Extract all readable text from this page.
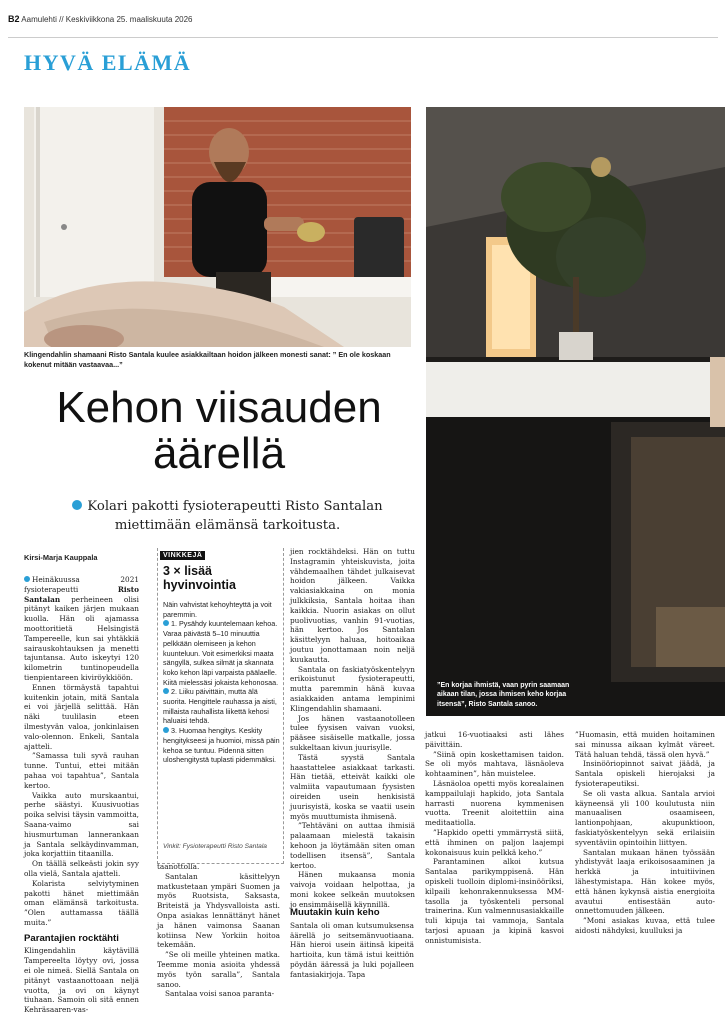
B2 Aamulehti // Keskiviikkona 25. maaliskuuta 2026
HYVÄ ELÄMÄ
Klingendahlin shamaani Risto Santala kuulee asiakkailtaan hoidon jälkeen monesti sanat: ” En ole koskaan kokenut mitään vastaavaa...”
”En korjaa ihmistä, vaan pyrin saamaan aikaan tilan, jossa ihmisen keho korjaa itsensä”, Risto Santala sanoo.
Kehon viisauden äärellä
Kolari pakotti fysioterapeutti Risto Santalan miettimään elämänsä tarkoitusta.
Kirsi-Marja Kauppala

Heinäkuussa 2021 fysioterapeutti Risto Santalan perheineen olisi pitänyt kaiken järjen mukaan kuolla. Hän oli ajamassa moottoritietä Helsingistä Tampereelle, kun sai yhtäkkiä sairauskohtauksen ja menetti tajuntansa. Auto iskeytyi 120 kilometrin tuntinopeudella tienpientareen kiviröykkiöön.

Ennen törmäystä tapahtui kuitenkin jotain, mitä Santala ei voi järjellä selittää. Hän näki tuulilasin eteen ilmestyvän valoa, jonkinlaisen valo-olennon. Enkeli, Santala ajatteli.

”Samassa tuli syvä rauhan tunne. Tuntui, ettei mitään pahaa voi tapahtua”, Santala kertoo.

Vaikka auto murskaantui, perhe säästyi. Kuusivuotias poika selvisi täysin vammoitta, Saana-vaimo sai hiusmurtuman lannerankaan ja Santala selkäydinvamman, joka korjattiin titaanilla.

On täällä selkeästi jokin syy olla vielä, Santala ajatteli.

Kolarista selviytyminen pakotti hänet miettimään oman elämänsä tarkoitusta. ”Olen auttamassa täällä muita.”

Parantajien rocktähti

Klingendahlin käytävillä Tampereelta löytyy ovi, jossa ei ole nimeä. Siellä Santala on pitänyt vastaanottoaan neljä vuotta, ja ovi on käynyt tiuhaan. Samoin oli sitä ennen Kehräsaaren-vas-

VINKKEJÄ
3 × lisää hyvinvointia

Näin vahvistat kehoyhteyttä ja voit paremmin.

1. Pysähdy kuuntelemaan kehoa. Varaa päivästä 5–10 minuuttia pelkkään olemiseen ja kehon kuunteluun. Voit esimerkiksi maata sängyllä, sulkea silmät ja skannata koko kehon läpi varpaista päälaelle. Kiitä mielessäsi jokaista kehonosaa.

2. Liiku päivittäin, mutta älä suorita. Hengittele rauhassa ja aisti, millaista rauhallista liikettä kehosi haluaisi tehdä.

3. Huomaa hengitys. Keskity hengitykseesi ja huomioi, missä päin kehoa se tuntuu. Pidennä sitten uloshengitystä tuplasti pidemmäksi.

Vinkit: Fysioterapeutti Risto Santala

taanottolla.

Santalan käsittelyyn matkustetaan ympäri Suomen ja myös Ruotsista, Saksasta, Briteistä ja Yhdysvalloista asti. Onpa asiakas lennättänyt hänet ja hänen vaimonsa Saanan kotiinsa New Yorkiin hoitoa tekemään.

”Se oli meille yhteinen matka. Teemme monia asioita yhdessä myös työn saralla”, Santala sanoo.

Santalaa voisi sanoa paranta-

jien rocktähdeksi. Hän on tuttu Instagramin yhteiskuvista, joita vähdemaalhen tähdet julkaisevat hoidon jälkeen. Vaikka vakiasiakkaina on monia julkkiksia, Santala hoitaa ihan kaikkia. Nuorin asiakas on ollut puolivuotias, vanhin 91-vuotias, hän kertoo. Jos Santalan käsittelyyn haluaa, hoitoaikaa joutuu jonottamaan noin neljä kuukautta.

Santala on faskiatyöskentelyyn erikoistunut fysioterapeutti, mutta paremmin hänä kuvaa asiakkaiden antama lempinimi Klingendahlin shamaani.

Jos hänen vastaanotolleen tulee fyysisen vaivan vuoksi, pääsee sisäiselle matkalle, jossa sukkeltaan kivun juurisylle.

Tästä syystä Santala haastattelee asiakkaat tarkasti. Hän tietää, etteivät kaikki ole valmiita vapautumaan fyysisten oireiden usein henkisistä juurisyistä, koska se vaatii usein myös muuttumista ihmisenä.

”Tehtäväni on auttaa ihmisiä palaamaan mielestä takaisin kehoon ja löytämään siten oman todellisen itsensä”, Santala kertoo.

Hänen mukaansa monia vaivoja voidaan helpottaa, ja moni kokee selkeän muutoksen jo ensimmäisellä käynnillä.

Muutakin kuin keho

Santala oli oman kutsumuksensa äärellä jo seitsemänvuotiaana. Hän hieroi usein äitinsä kipeitä hartioita, kun tämä istui keittiön pöydän ääressä ja luki pojalleen fantasiakirjoja. Tapa

jatkui 16-vuotiaaksi asti lähes päivittäin.

”Siinä opin koskettamisen taidon. Se oli myös mahtava, läsnäoleva kohtaaminen”, hän muistelee.

Läsnäoloa opetti myös korealainen kamppailulaji hapkido, jota Santala harrasti nuorena kymmenisen vuotta. Treenit aloitettiin aina meditaatiolla.

”Hapkido opetti ymmärrystä siitä, että ihminen on paljon laajempi kokonaisuus kuin pelkkä keho.”

Parantaminen alkoi kutsua Santalaa parikymppisenä. Hän opiskeli tuolloin diplomi-insinööriksi, kilpaili kehonrakennuksessa MM-tasolla ja työskenteli personal trainerina. Kun valmennusasiakkaille tuli kipuja tai vammoja, Santala tarjosi apuaan ja kipinä kasvoi onnistumisista.

”Huomasin, että muiden hoitaminen sai minussa aikaan kylmät väreet. Tätä haluan tehdä, tässä olen hyvä.”

Insinööriopinnot saivat jäädä, ja Santala opiskeli hierojaksi ja fysioterapeutiksi.

Se oli vasta alkua. Santala arvioi käyneensä yli 100 koulutusta niin manuaalisen osaamiseen, lantionpohjaan, akupunktioon, faskiatyöskentelyyn sekä erilaisiin syventäviin opintoihin liittyen.

Santalan mukaan hänen työssään yhdistyvät laaja erikoisosaaminen ja herkkä ja intuitiivinen lähestymistapa. Hän kokee myös, että hänen kykynsä aistia energioita avautui entisestään auto-onnettomuuden jälkeen.

”Moni asiakas kuvaa, että tulee aidosti nähdyksi, kuulluksi ja
